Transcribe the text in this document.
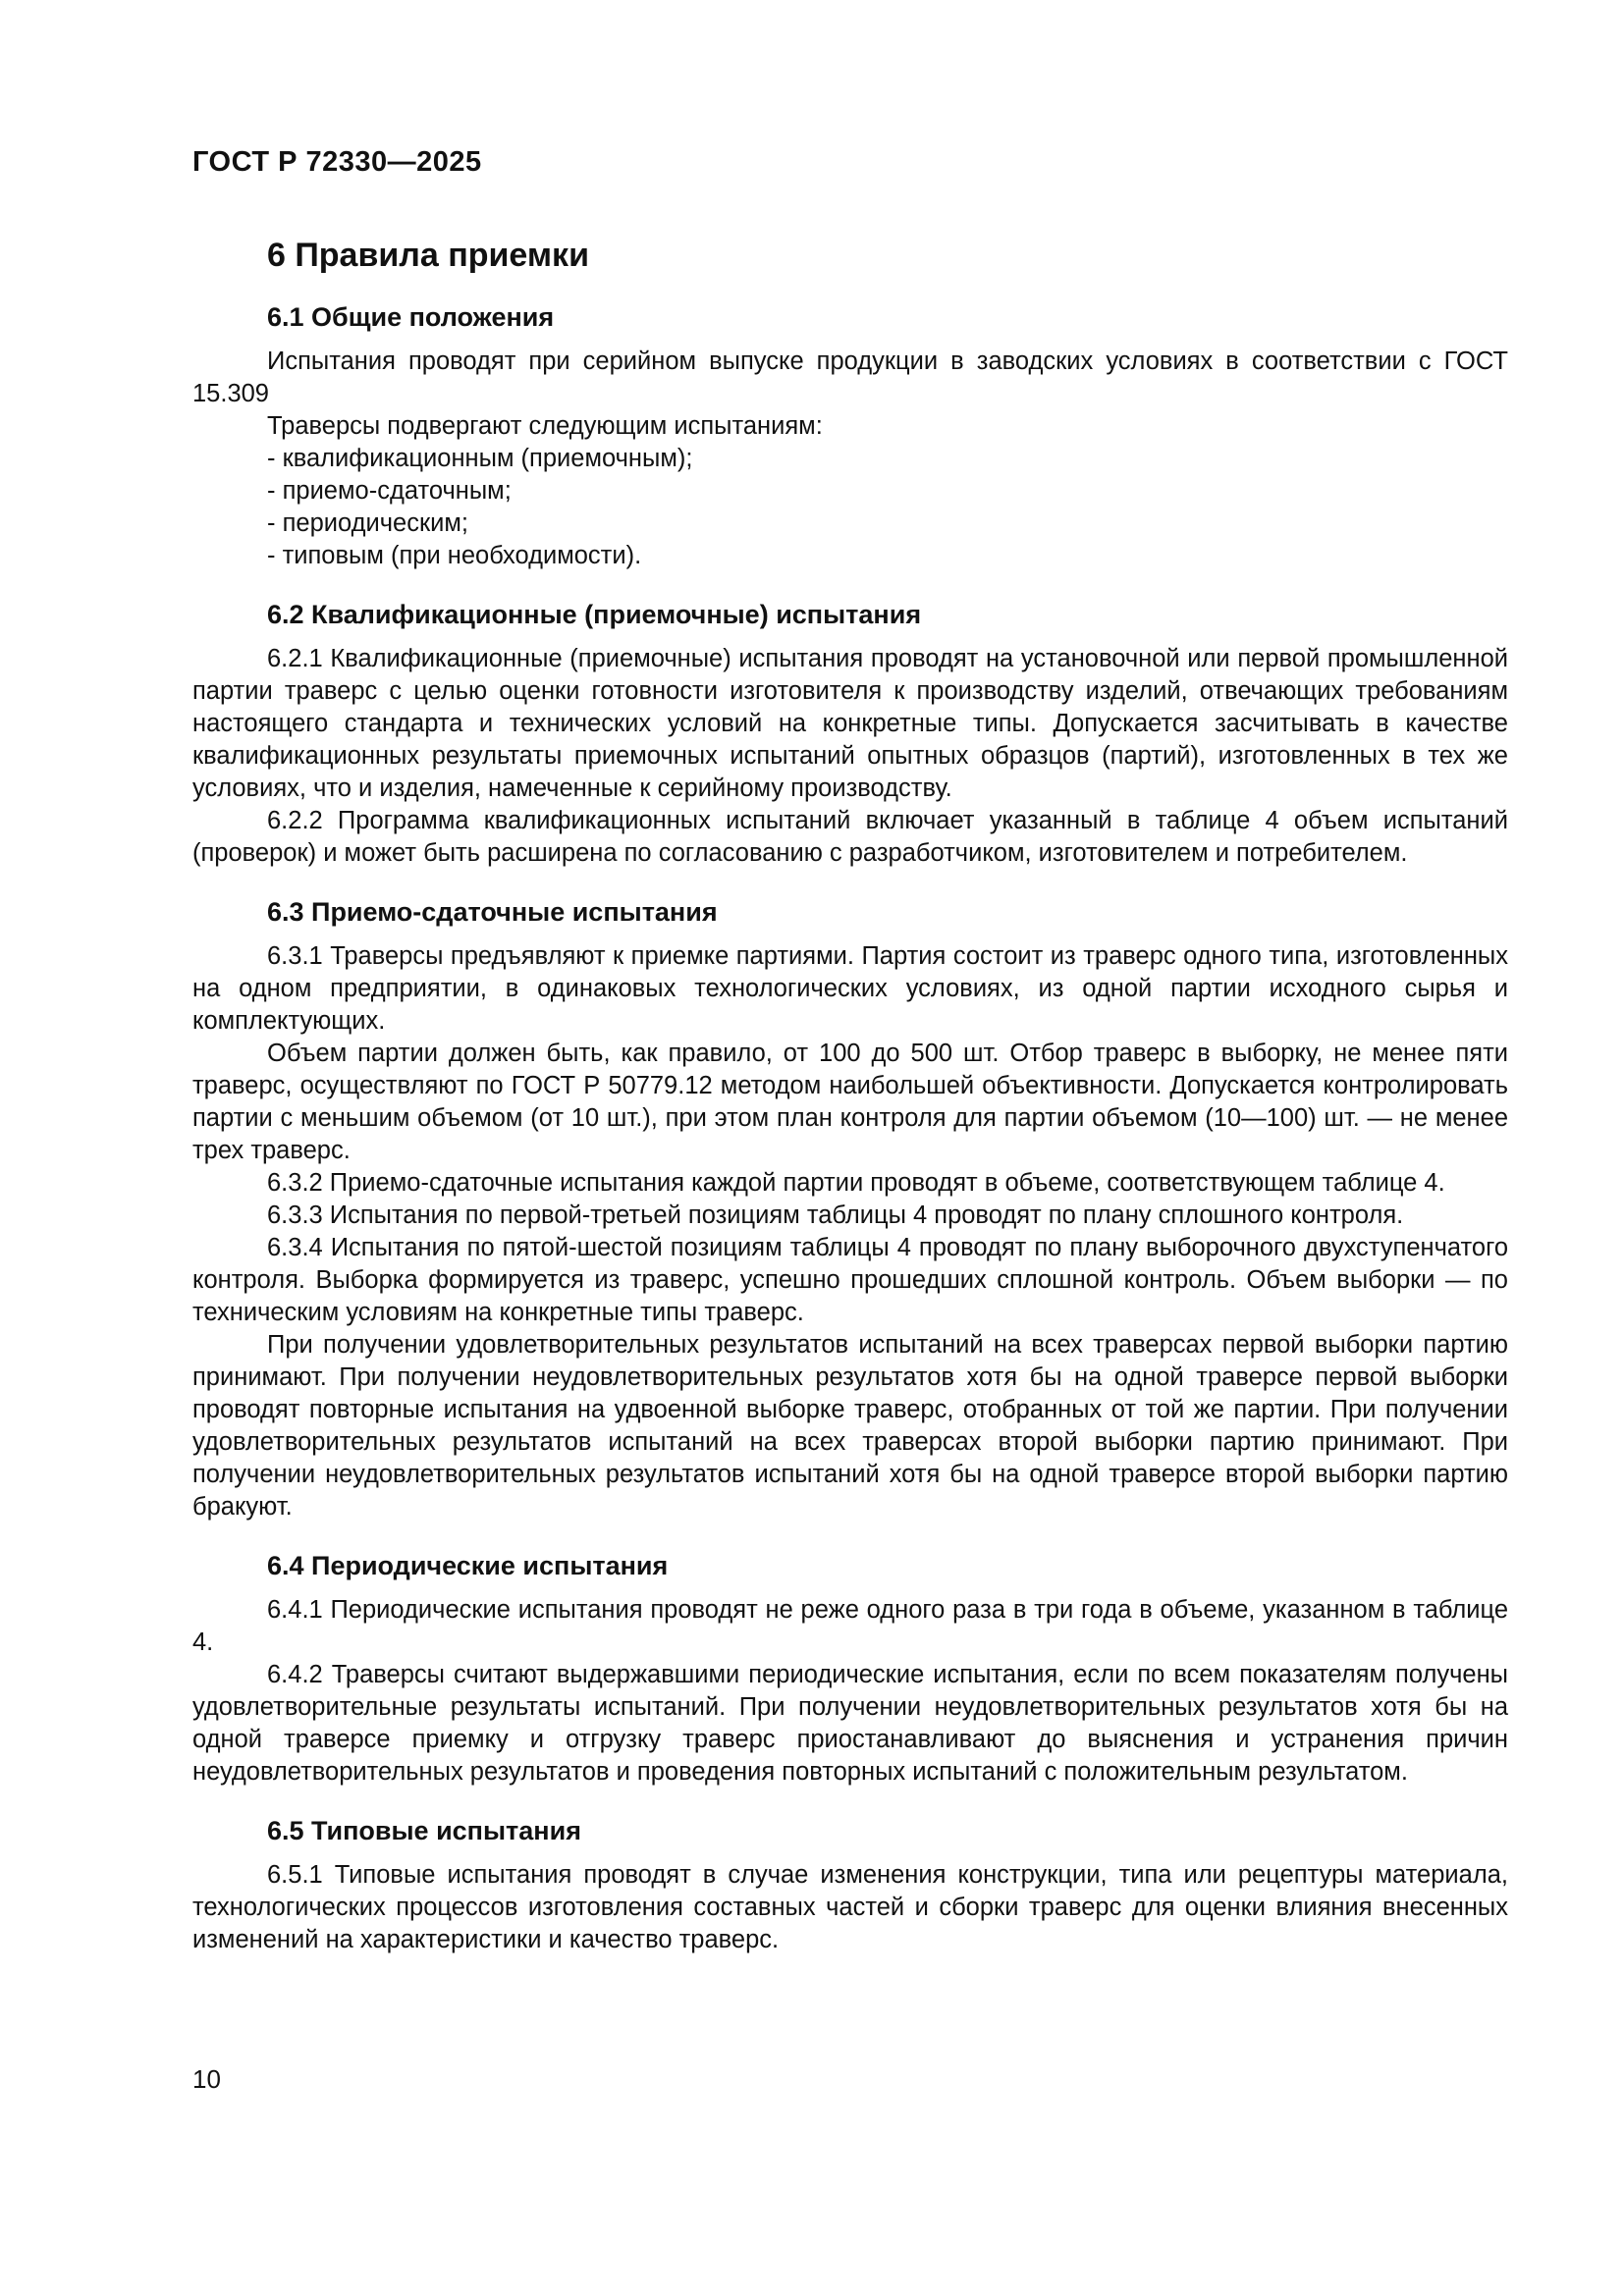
ГОСТ Р 72330—2025
6 Правила приемки
6.1 Общие положения

Испытания проводят при серийном выпуске продукции в заводских условиях в соответствии с ГОСТ 15.309

Траверсы подвергают следующим испытаниям:

- квалификационным (приемочным);

- приемо-сдаточным;

- периодическим;

- типовым (при необходимости).

6.2 Квалификационные (приемочные) испытания

6.2.1 Квалификационные (приемочные) испытания проводят на установочной или первой промышленной партии траверс с целью оценки готовности изготовителя к производству изделий, отвечающих требованиям настоящего стандарта и технических условий на конкретные типы. Допускается засчитывать в качестве квалификационных результаты приемочных испытаний опытных образцов (партий), изготовленных в тех же условиях, что и изделия, намеченные к серийному производству.

6.2.2 Программа квалификационных испытаний включает указанный в таблице 4 объем испытаний (проверок) и может быть расширена по согласованию с разработчиком, изготовителем и потребителем.

6.3 Приемо-сдаточные испытания

6.3.1 Траверсы предъявляют к приемке партиями. Партия состоит из траверс одного типа, изготовленных на одном предприятии, в одинаковых технологических условиях, из одной партии исходного сырья и комплектующих.

Объем партии должен быть, как правило, от 100 до 500 шт. Отбор траверс в выборку, не менее пяти траверс, осуществляют по ГОСТ Р 50779.12 методом наибольшей объективности. Допускается контролировать партии с меньшим объемом (от 10 шт.), при этом план контроля для партии объемом (10—100) шт. — не менее трех траверс.

6.3.2 Приемо-сдаточные испытания каждой партии проводят в объеме, соответствующем таблице 4.

6.3.3 Испытания по первой-третьей позициям таблицы 4 проводят по плану сплошного контроля.

6.3.4 Испытания по пятой-шестой позициям таблицы 4 проводят по плану выборочного двухступенчатого контроля. Выборка формируется из траверс, успешно прошедших сплошной контроль. Объем выборки — по техническим условиям на конкретные типы траверс.

При получении удовлетворительных результатов испытаний на всех траверсах первой выборки партию принимают. При получении неудовлетворительных результатов хотя бы на одной траверсе первой выборки проводят повторные испытания на удвоенной выборке траверс, отобранных от той же партии. При получении удовлетворительных результатов испытаний на всех траверсах второй выборки партию принимают. При получении неудовлетворительных результатов испытаний хотя бы на одной траверсе второй выборки партию бракуют.

6.4 Периодические испытания

6.4.1 Периодические испытания проводят не реже одного раза в три года в объеме, указанном в таблице 4.

6.4.2 Траверсы считают выдержавшими периодические испытания, если по всем показателям получены удовлетворительные результаты испытаний. При получении неудовлетворительных результатов хотя бы на одной траверсе приемку и отгрузку траверс приостанавливают до выяснения и устранения причин неудовлетворительных результатов и проведения повторных испытаний с положительным результатом.

6.5 Типовые испытания

6.5.1 Типовые испытания проводят в случае изменения конструкции, типа или рецептуры материала, технологических процессов изготовления составных частей и сборки траверс для оценки влияния внесенных изменений на характеристики и качество траверс.

10
